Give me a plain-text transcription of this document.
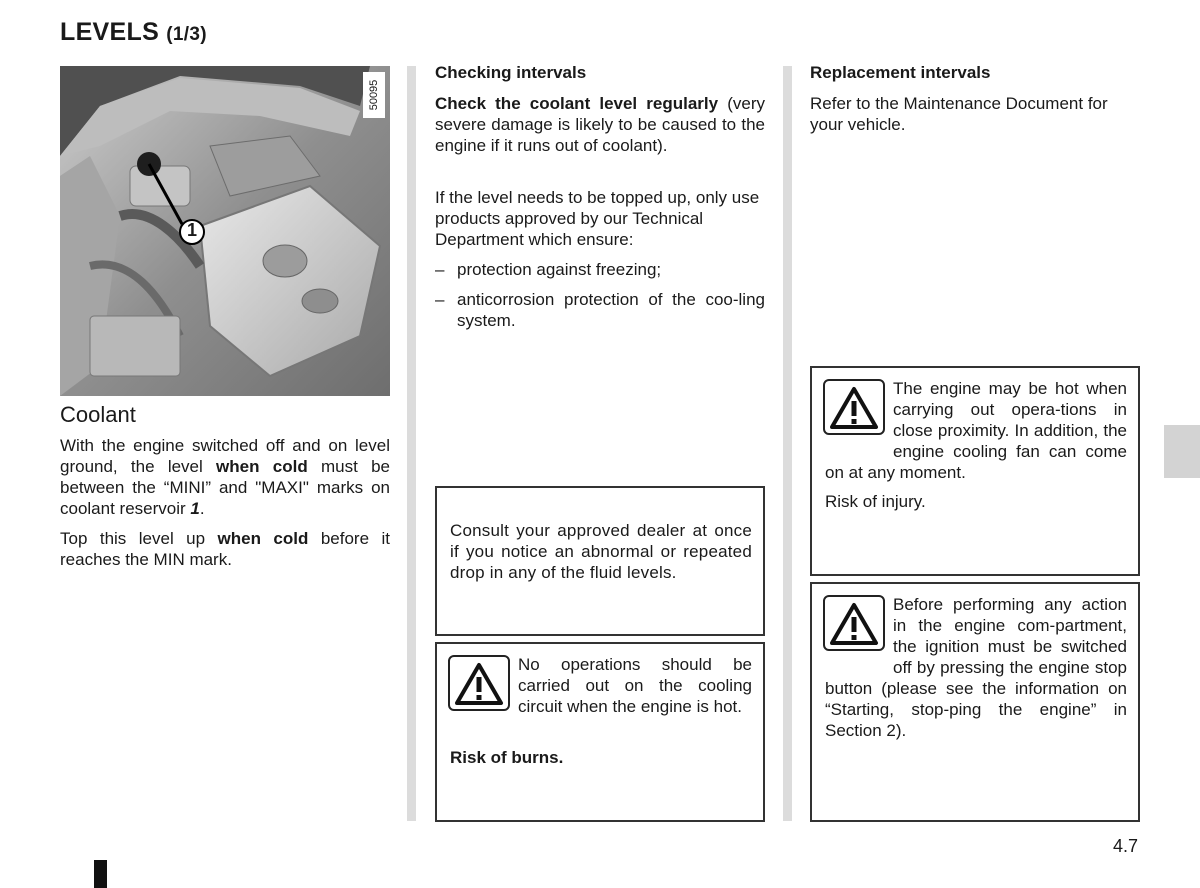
LEVELS (1/3)
1
50095
Coolant
With the engine switched off and on level ground, the level when cold must be between the “MINI” and "MAXI" marks on coolant reservoir 1.
Top this level up when cold before it reaches the MIN mark.
Checking intervals
Check the coolant level regularly (very severe damage is likely to be caused to the engine if it runs out of coolant).
If the level needs to be topped up, only use products approved by our Technical Department which ensure:
– protection against freezing;
– anticorrosion protection of the coo-ling system.
Consult your approved dealer at once if you notice an abnormal or repeated drop in any of the fluid levels.
No operations should be carried out on the cooling circuit when the engine is hot.
Risk of burns.
Replacement intervals
Refer to the Maintenance Document for your vehicle.
The engine may be hot when carrying out opera-tions in close proximity. In addition, the engine cooling fan can come on at any moment.
Risk of injury.
Before performing any action in the engine com-partment, the ignition must be switched off by pressing the engine stop button (please see the information on “Starting, stop-ping the engine” in Section 2).
4.7
